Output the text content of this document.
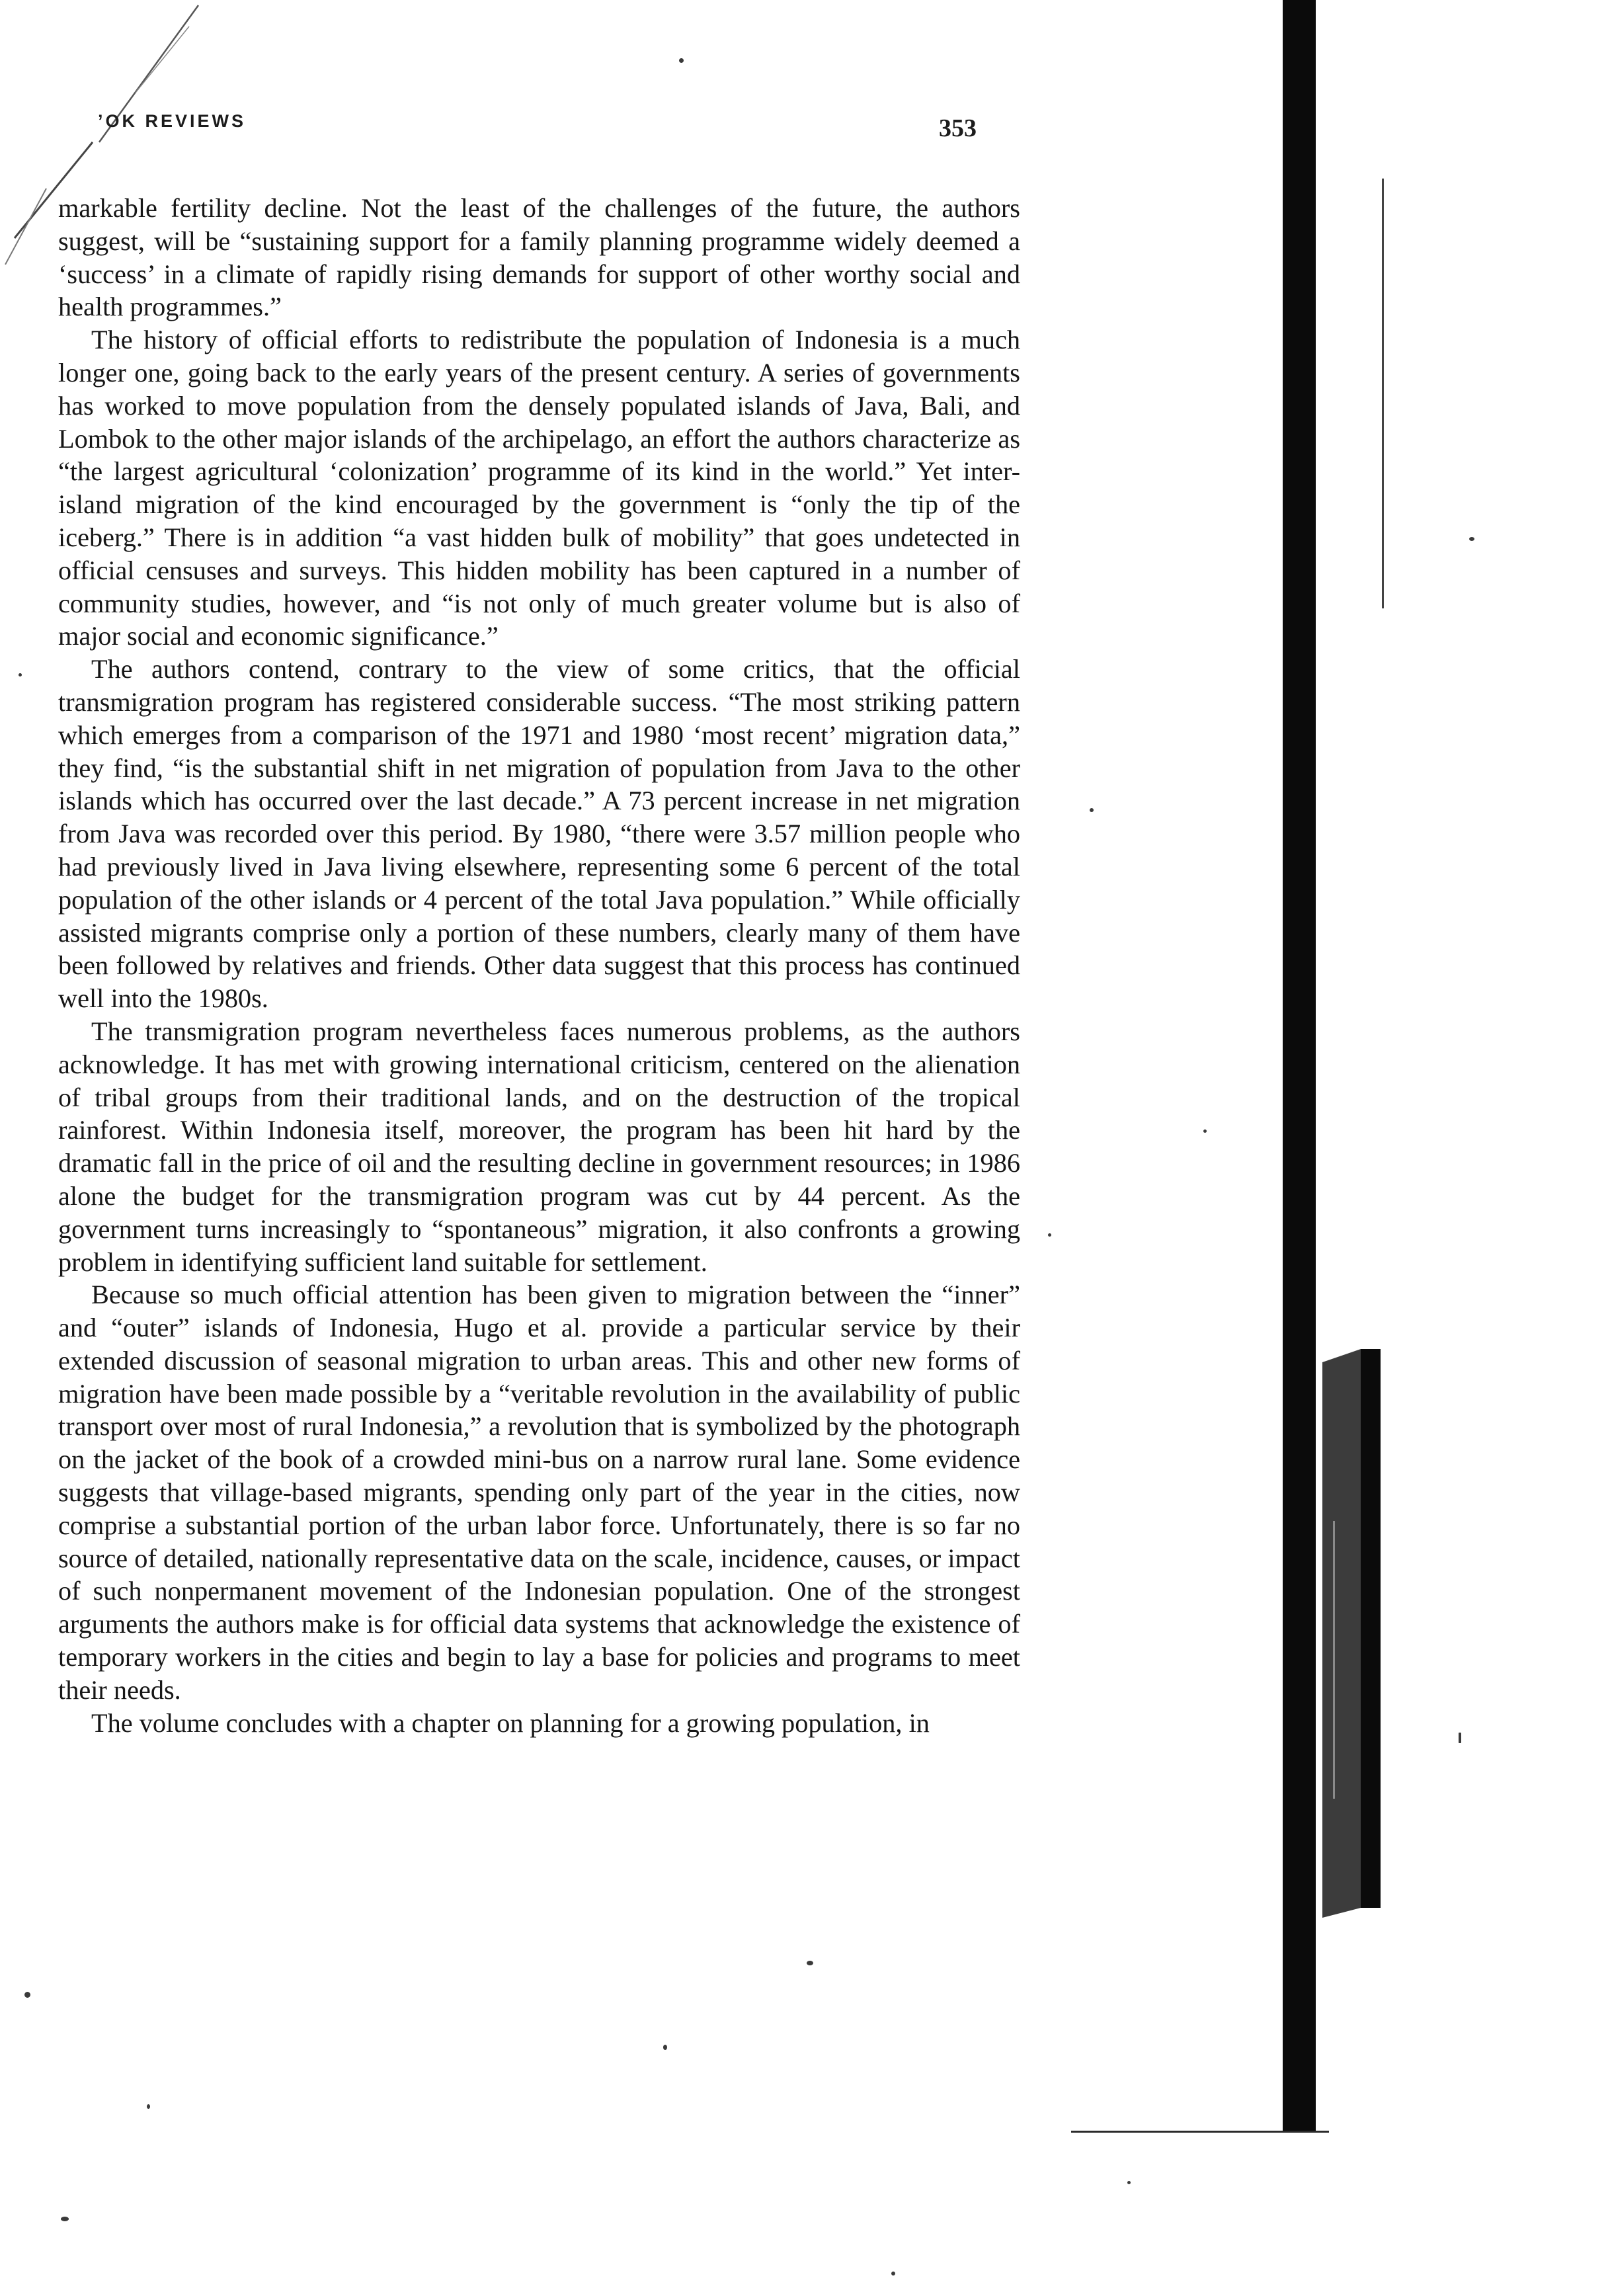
’OK REVIEWS	353

markable fertility decline. Not the least of the challenges of the future, the authors suggest, will be “sustaining support for a family planning programme widely deemed a ‘success’ in a climate of rapidly rising demands for support of other worthy social and health programmes.”

The history of official efforts to redistribute the population of Indonesia is a much longer one, going back to the early years of the present century. A series of governments has worked to move population from the densely populated islands of Java, Bali, and Lombok to the other major islands of the archipelago, an effort the authors characterize as “the largest agricultural ‘colonization’ programme of its kind in the world.” Yet inter-island migration of the kind encouraged by the government is “only the tip of the iceberg.” There is in addition “a vast hidden bulk of mobility” that goes undetected in official censuses and surveys. This hidden mobility has been captured in a number of community studies, however, and “is not only of much greater volume but is also of major social and economic significance.”

The authors contend, contrary to the view of some critics, that the official transmigration program has registered considerable success. “The most striking pattern which emerges from a comparison of the 1971 and 1980 ‘most recent’ migration data,” they find, “is the substantial shift in net migration of population from Java to the other islands which has occurred over the last decade.” A 73 percent increase in net migration from Java was recorded over this period. By 1980, “there were 3.57 million people who had previously lived in Java living elsewhere, representing some 6 percent of the total population of the other islands or 4 percent of the total Java population.” While officially assisted migrants comprise only a portion of these numbers, clearly many of them have been followed by relatives and friends. Other data suggest that this process has continued well into the 1980s.

The transmigration program nevertheless faces numerous problems, as the authors acknowledge. It has met with growing international criticism, centered on the alienation of tribal groups from their traditional lands, and on the destruction of the tropical rainforest. Within Indonesia itself, moreover, the program has been hit hard by the dramatic fall in the price of oil and the resulting decline in government resources; in 1986 alone the budget for the transmigration program was cut by 44 percent. As the government turns increasingly to “spontaneous” migration, it also confronts a growing problem in identifying sufficient land suitable for settlement.

Because so much official attention has been given to migration between the “inner” and “outer” islands of Indonesia, Hugo et al. provide a particular service by their extended discussion of seasonal migration to urban areas. This and other new forms of migration have been made possible by a “veritable revolution in the availability of public transport over most of rural Indonesia,” a revolution that is symbolized by the photograph on the jacket of the book of a crowded mini-bus on a narrow rural lane. Some evidence suggests that village-based migrants, spending only part of the year in the cities, now comprise a substantial portion of the urban labor force. Unfortunately, there is so far no source of detailed, nationally representative data on the scale, incidence, causes, or impact of such nonpermanent movement of the Indonesian population. One of the strongest arguments the authors make is for official data systems that acknowledge the existence of temporary workers in the cities and begin to lay a base for policies and programs to meet their needs.

The volume concludes with a chapter on planning for a growing population, in
